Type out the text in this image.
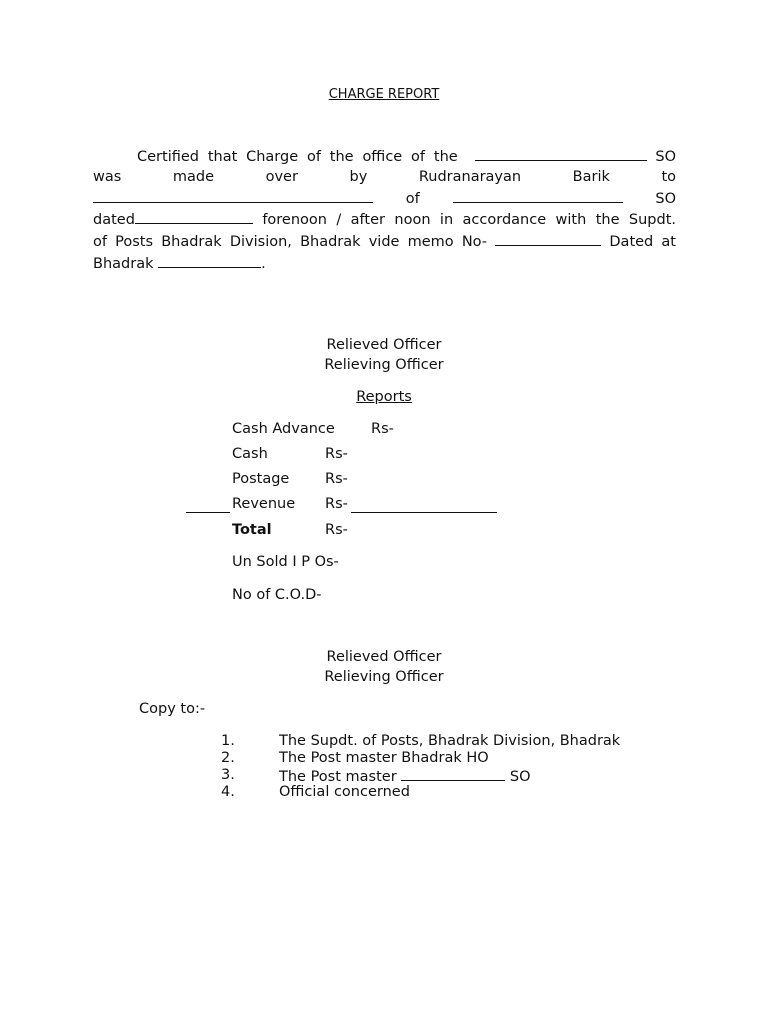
CHARGE REPORT
Certified that Charge of the office of the	SO
was	made	over	by	Rudranarayan	Barik	to
of	SO
dated	forenoon / after noon in accordance with the Supdt.
of Posts Bhadrak Division, Bhadrak vide memo No-	Dated at
Bhadrak	.
Relieved Officer
Relieving Officer
Reports
Cash Advance Rs-
Cash	Rs-
Postage Rs-
Revenue Rs-
Total	Rs-
Un Sold I P Os-
No of C.O.D-
Relieved Officer
Relieving Officer
Copy to:-
1.	The Supdt. of Posts, Bhadrak Division, Bhadrak
2.	The Post master Bhadrak HO
3.	The Post master	SO
4.	Official concerned
